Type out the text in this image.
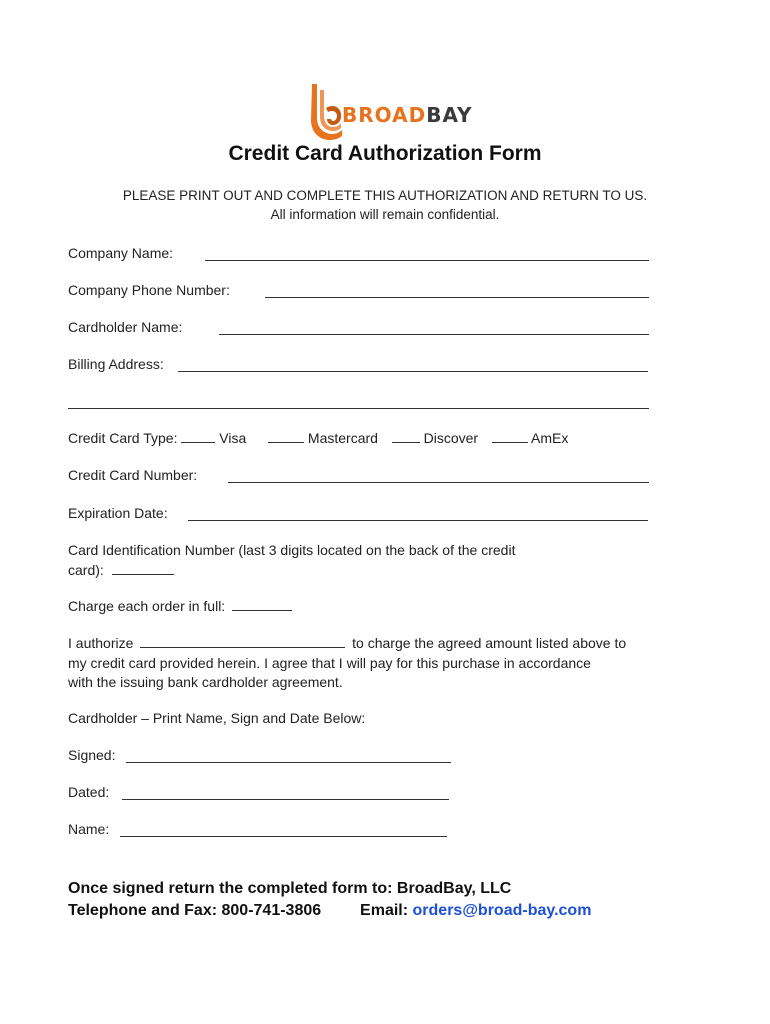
BROADBAY
Credit Card Authorization Form
PLEASE PRINT OUT AND COMPLETE THIS AUTHORIZATION AND RETURN TO US.
All information will remain confidential.
Company Name:
Company Phone Number:
Cardholder Name:
Billing Address:
Credit Card Type:	Visa	Mastercard	Discover	AmEx
Credit Card Number:
Expiration Date:
Card Identification Number (last 3 digits located on the back of the credit
card):
Charge each order in full:
I authorize	to charge the agreed amount listed above to
my credit card provided herein. I agree that I will pay for this purchase in accordance
with the issuing bank cardholder agreement.
Cardholder – Print Name, Sign and Date Below:
Signed:
Dated:
Name:
Once signed return the completed form to: BroadBay, LLC
Telephone and Fax: 800-741-3806 Email: orders@broad-bay.com
